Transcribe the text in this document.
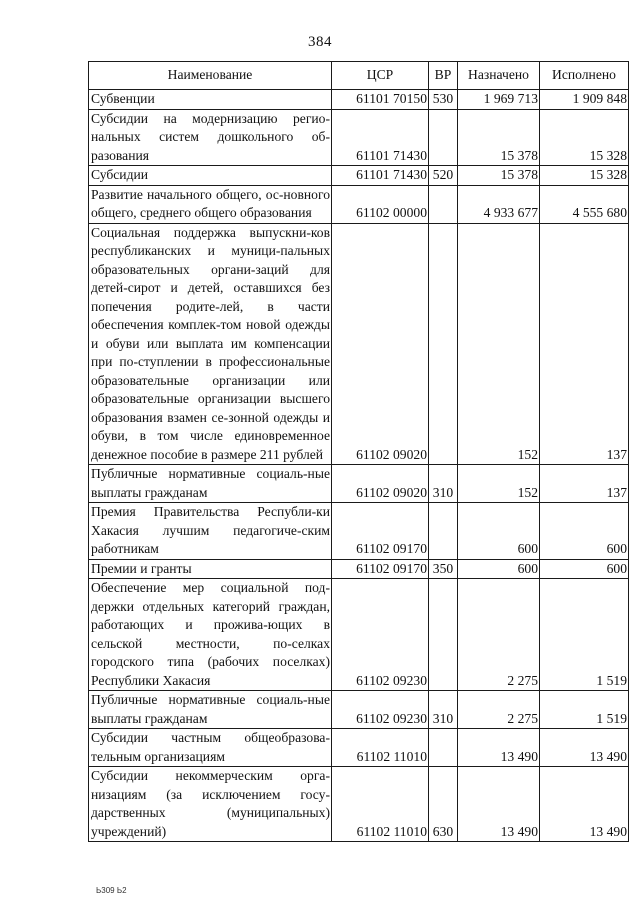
384
Наименование	ЦСР	ВР	Назначено	Исполнено
Субвенции	61101 70150	530	1 969 713	1 909 848
Субсидии на модернизацию регио-нальных систем дошкольного об-разования	61101 71430		15 378	15 328
Субсидии	61101 71430	520	15 378	15 328
Развитие начального общего, ос-новного общего, среднего общего образования	61102 00000		4 933 677	4 555 680
Социальная поддержка выпускни-ков республиканских и муници-пальных образовательных органи-заций для детей-сирот и детей, оставшихся без попечения родите-лей, в части обеспечения комплек-том новой одежды и обуви или выплата им компенсации при по-ступлении в профессиональные образовательные организации или образовательные организации высшего образования взамен се-зонной одежды и обуви, в том числе единовременное денежное пособие в размере 211 рублей	61102 09020		152	137
Публичные нормативные социаль-ные выплаты гражданам	61102 09020	310	152	137
Премия Правительства Республи-ки Хакасия лучшим педагогиче-ским работникам	61102 09170		600	600
Премии и гранты	61102 09170	350	600	600
Обеспечение мер социальной под-держки отдельных категорий граждан, работающих и прожива-ющих в сельской местности, по-селках городского типа (рабочих поселках) Республики Хакасия	61102 09230		2 275	1 519
Публичные нормативные социаль-ные выплаты гражданам	61102 09230	310	2 275	1 519
Субсидии частным общеобразова-тельным организациям	61102 11010		13 490	13 490
Субсидии некоммерческим орга-низациям (за исключением госу-дарственных (муниципальных) учреждений)	61102 11010	630	13 490	13 490
Ь309 Ь2
